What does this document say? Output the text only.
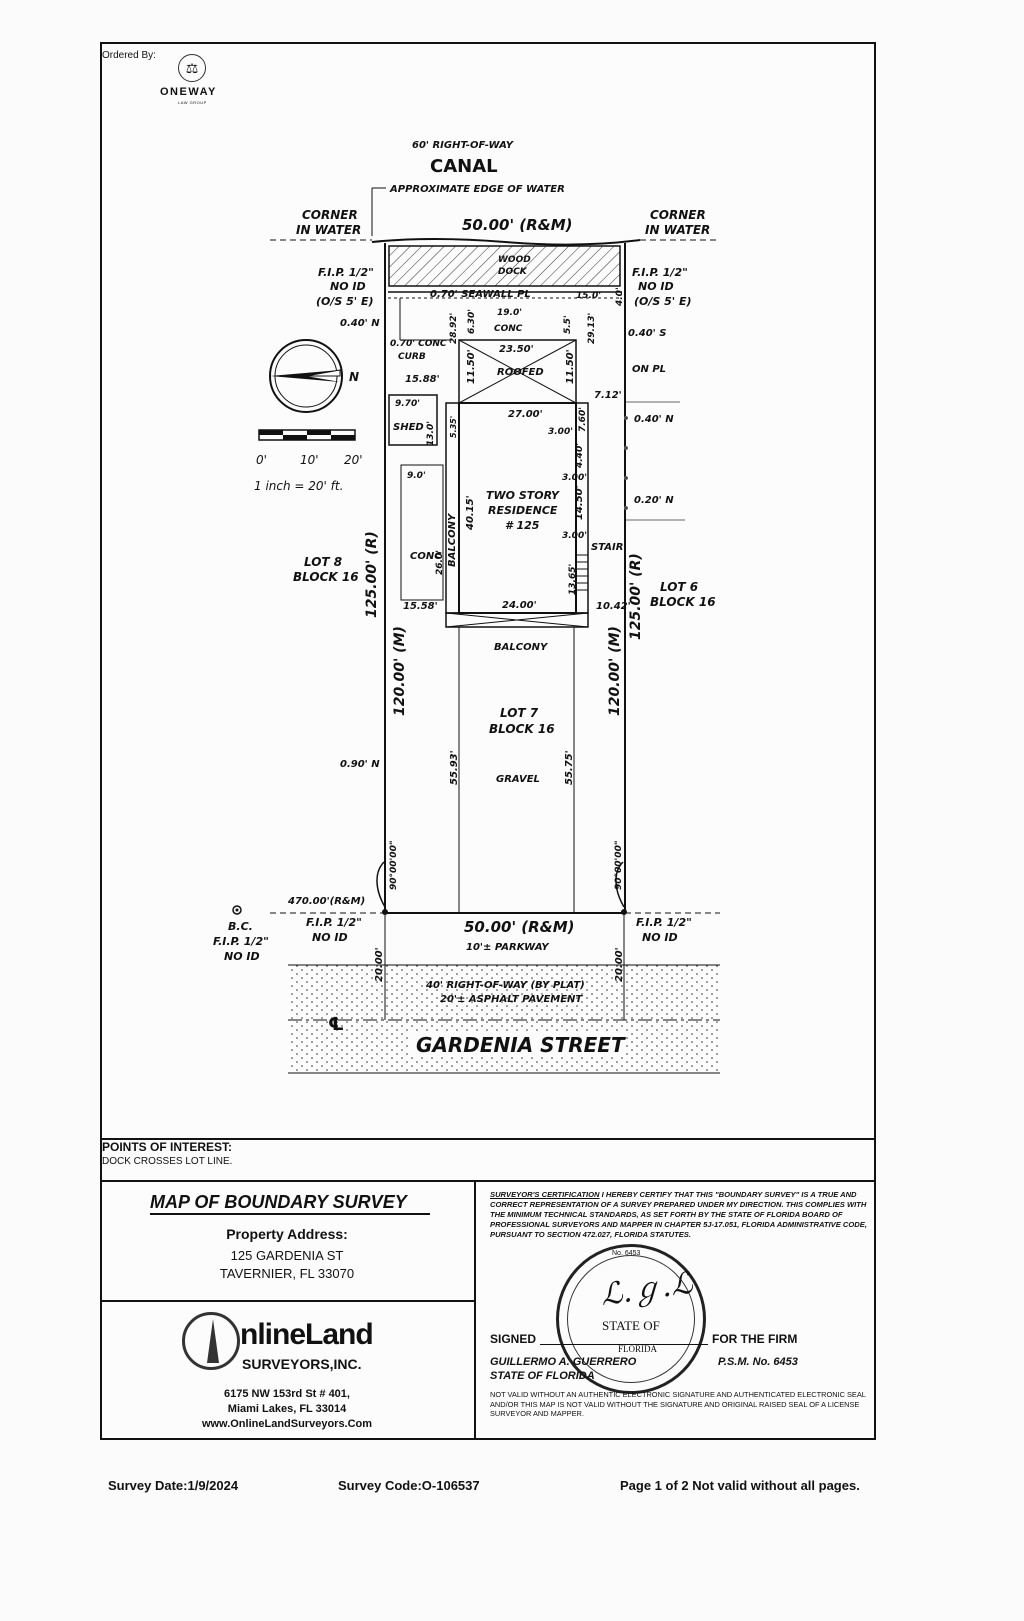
Ordered By:
⚖
ONEWAY
LAW GROUP
60' RIGHT-OF-WAY
CANAL
APPROXIMATE EDGE OF WATER
CORNER
IN WATER
CORNER
IN WATER
50.00' (R&M)
WOOD
DOCK
0.70' SEAWALL PL
F.I.P. 1/2"
NO ID
(O/S 5' E)
F.I.P. 1/2"
NO ID
(O/S 5' E)
0.40' N
0.40' S
19.0'
CONC
0.70' CONC
CURB
23.50'
ROOFED
15.88'
ON PL
7.12'
9.70'
SHED
27.00'	0.40' N
TWO STORY
RESIDENCE
# 125
0.20' N
9.0'
CONC
STAIR
3.00'
3.00'
3.00'
15.58'	24.00'	10.42'
BALCONY
LOT 8
BLOCK 16
LOT 6
BLOCK 16
LOT 7
BLOCK 16
GRAVEL
0.90' N
470.00'(R&M)
B.C.
F.I.P. 1/2"
NO ID
F.I.P. 1/2"
NO ID
F.I.P. 1/2"
NO ID
50.00' (R&M)
10'± PARKWAY
40' RIGHT-OF-WAY (BY PLAT)
20'± ASPHALT PAVEMENT
GARDENIA STREET
℄
N
0'	10' 20'
1 inch = 20' ft.
125.00' (R)
120.00' (M)
125.00' (R)
120.00' (M)
55.93'	55.75'
90°00'00"	90°00'00"
20.00'	20.00'
BALCONY
40.15'	14.50'
4.40'
7.60'
13.65'
11.50'	11.50'
6.30'	5.5'
28.92'	29.13'
4.0'
5.35'
13.0'
26.0'
15.0'
POINTS OF INTEREST:
DOCK CROSSES LOT LINE.
MAP OF BOUNDARY SURVEY
Property Address:
125 GARDENIA ST
TAVERNIER, FL 33070
nlineLand
SURVEYORS,INC.
6175 NW 153rd St # 401,
Miami Lakes, FL 33014
www.OnlineLandSurveyors.Com
SURVEYOR'S CERTIFICATION I HEREBY CERTIFY THAT THIS "BOUNDARY SURVEY" IS A TRUE AND CORRECT REPRESENTATION OF A SURVEY PREPARED UNDER MY DIRECTION. THIS COMPLIES WITH THE MINIMUM TECHNICAL STANDARDS, AS SET FORTH BY THE STATE OF FLORIDA BOARD OF PROFESSIONAL SURVEYORS AND MAPPER IN CHAPTER 5J-17.051, FLORIDA ADMINISTRATIVE CODE, PURSUANT TO SECTION 472.027, FLORIDA STATUTES.
No. 6453
ℒ.ℊ.ℒ
STATE OF
FLORIDA
SIGNED	FOR THE FIRM
GUILLERMO A. GUERRERO	P.S.M. No. 6453
STATE OF FLORIDA
NOT VALID WITHOUT AN AUTHENTIC ELECTRONIC SIGNATURE AND AUTHENTICATED ELECTRONIC SEAL AND/OR THIS MAP IS NOT VALID WITHOUT THE SIGNATURE AND ORIGINAL RAISED SEAL OF A LICENSE SURVEYOR AND MAPPER.
Survey Date:1/9/2024	Survey Code:O-106537	Page 1 of 2 Not valid without all pages.
